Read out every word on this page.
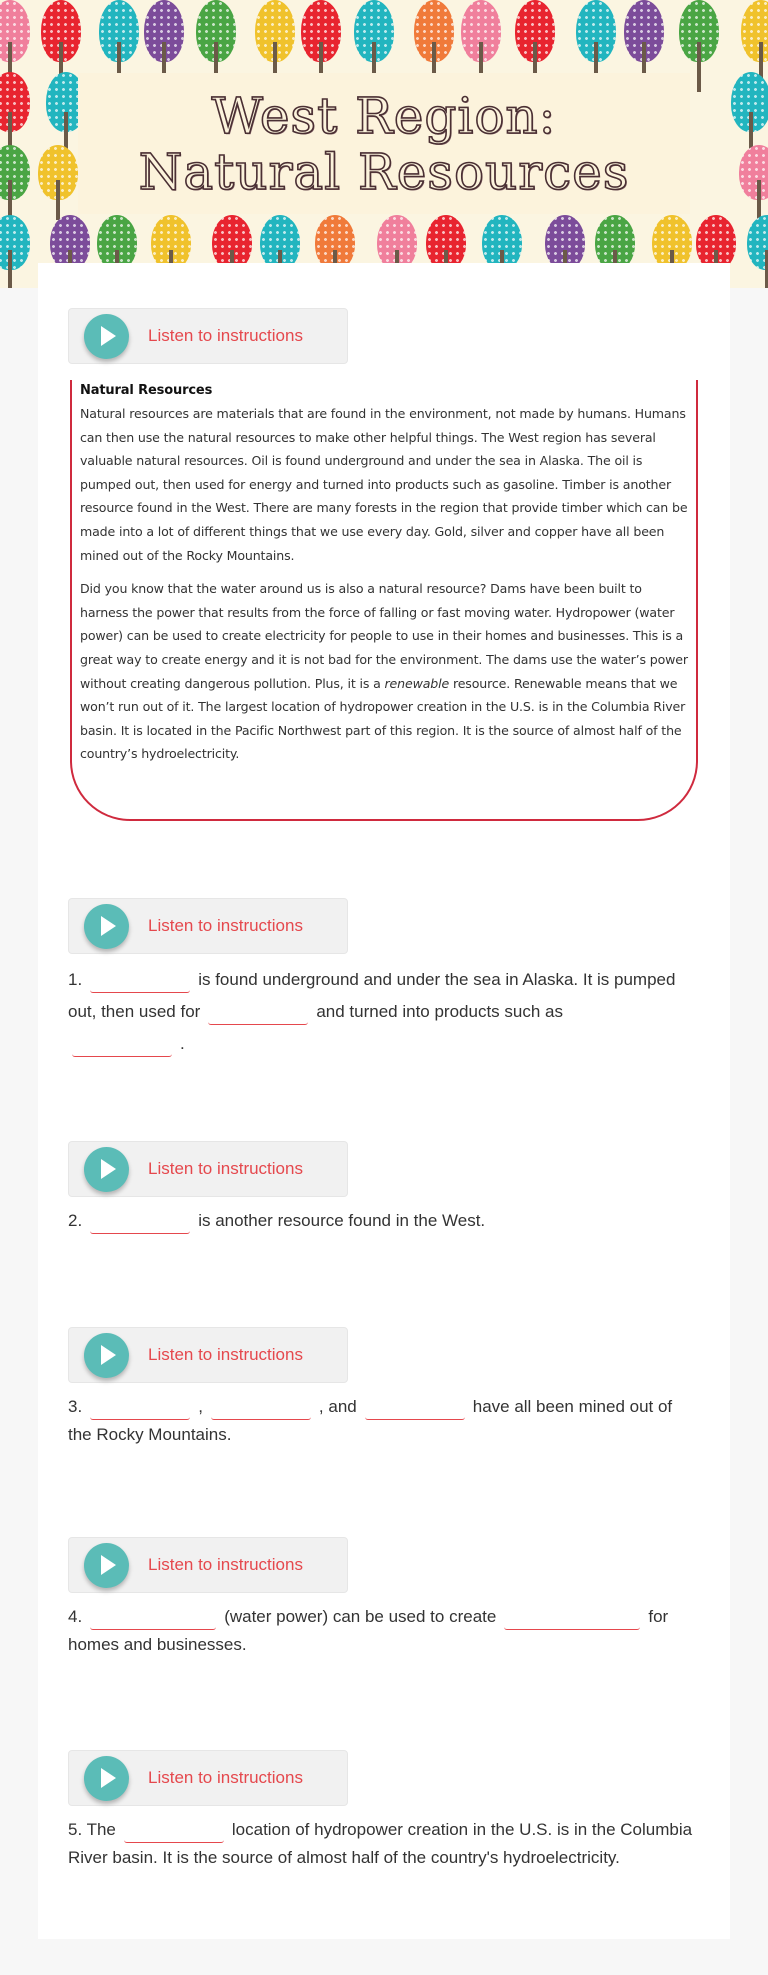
West Region:
Natural Resources
Listen to instructions
Natural Resources

Natural resources are materials that are found in the environment, not made by humans. Humans can then use the natural resources to make other helpful things. The West region has several valuable natural resources. Oil is found underground and under the sea in Alaska. The oil is pumped out, then used for energy and turned into products such as gasoline. Timber is another resource found in the West. There are many forests in the region that provide timber which can be made into a lot of different things that we use every day. Gold, silver and copper have all been mined out of the Rocky Mountains.

Did you know that the water around us is also a natural resource? Dams have been built to harness the power that results from the force of falling or fast moving water. Hydropower (water power) can be used to create electricity for people to use in their homes and businesses. This is a great way to create energy and it is not bad for the environment. The dams use the water’s power without creating dangerous pollution. Plus, it is a renewable resource. Renewable means that we won’t run out of it. The largest location of hydropower creation in the U.S. is in the Columbia River basin. It is located in the Pacific Northwest part of this region. It is the source of almost half of the country’s hydroelectricity.

Listen to instructions
1.	is found underground and under the sea in Alaska. It is pumped out, then used for	and turned into products such as
.
Listen to instructions
2.	is another resource found in the West.
Listen to instructions
3.	,	, and	have all been mined out of the Rocky Mountains.
Listen to instructions
4.	(water power) can be used to create	for homes and businesses.
Listen to instructions
5. The	location of hydropower creation in the U.S. is in the Columbia River basin. It is the source of almost half of the country's hydroelectricity.
